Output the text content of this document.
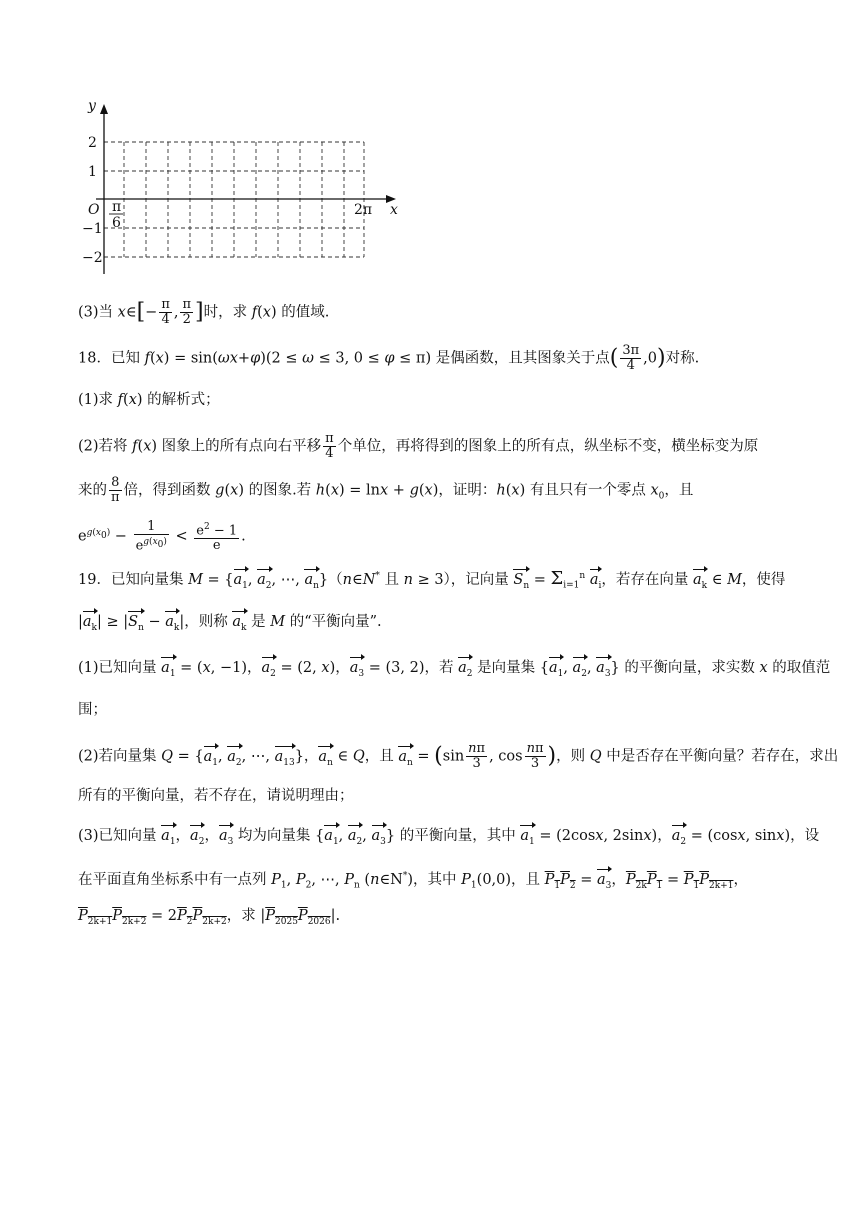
y
x
O
2
1
−1
−2
π
6
2π
(3)当 x∈[− $\frac{\pi}{4}$ , $\frac{\pi}{2}$ ]时，求 f(x) 的值域.
18．已知 f(x) = sin(ωx+φ)(2 ≤ ω ≤ 3, 0 ≤ φ ≤ π) 是偶函数，且其图象关于点( $\frac{3\pi}{4} ,0$)对称.
(1)求 f(x) 的解析式；
(2)若将 f(x) 图象上的所有点向右平移 $\frac{\pi}{4}$ 个单位，再将得到的图象上的所有点，纵坐标不变，横坐标变为原
来的 $\frac{8}{\pi}$ 倍，得到函数 g(x) 的图象.若 h(x) = lnx + g(x)，证明：h(x) 有且只有一个零点 $x_0$，且
$e^{g(x_0)} - \frac{1}{e^{g(x_0)}} < \frac{e^2 - 1}{e}$ .
19．已知向量集 $M = \{a_1$, $a_2$, ⋯, $a_n\}(n\in N^*$ 且 n ≥ 3），记向量 $S_n = \Sigma_{i=1}^n$ $a_i$，若存在向量 $a_k$ ∈ M，使得
$|a_k| \ge |S_n - a_k|$，则称 $a_k$ 是 M 的“平衡向量”.
(1)已知向量 $a_1 = (x$, −1)，$a_2 = (2$, x)，$a_3 = (3$, 2)，若 $a_2$ 是向量集 {$a_1$, $a_2$, $a_3$} 的平衡向量，求实数 x 的取值范
围；
(2)若向量集 $Q = \{a_1$, $a_2$, ⋯, $a_{13}$}，$a_n$ ∈ Q，且 $a_n = (\sin \frac{n\pi}{3}$ , $\cos \frac{n\pi}{3}$ )，则 Q 中是否存在平衡向量？若存在，求出
所有的平衡向量，若不存在，请说明理由；
(3)已知向量 $a_1$，$a_2$，$a_3$ 均为向量集 {$a_1$, $a_2$, $a_3$} 的平衡向量，其中 $a_1 = (2\cos x$, 2sinx)，$a_2 = (\cos x$, sinx)，设
在平面直角坐标系中有一点列 $P_1$, $P_2$, ⋯, $P_n$ (n∈N*)，其中 $P_1(0,0)$，且 $P_1P_2 = a_3$，$P_{2k}P_1 = P_1P_{2k+1}$，
$P_{2k+1}P_{2k+2} = 2P_2P_{2k+2}$，求 $|P_{2025}P_{2026}|$.
